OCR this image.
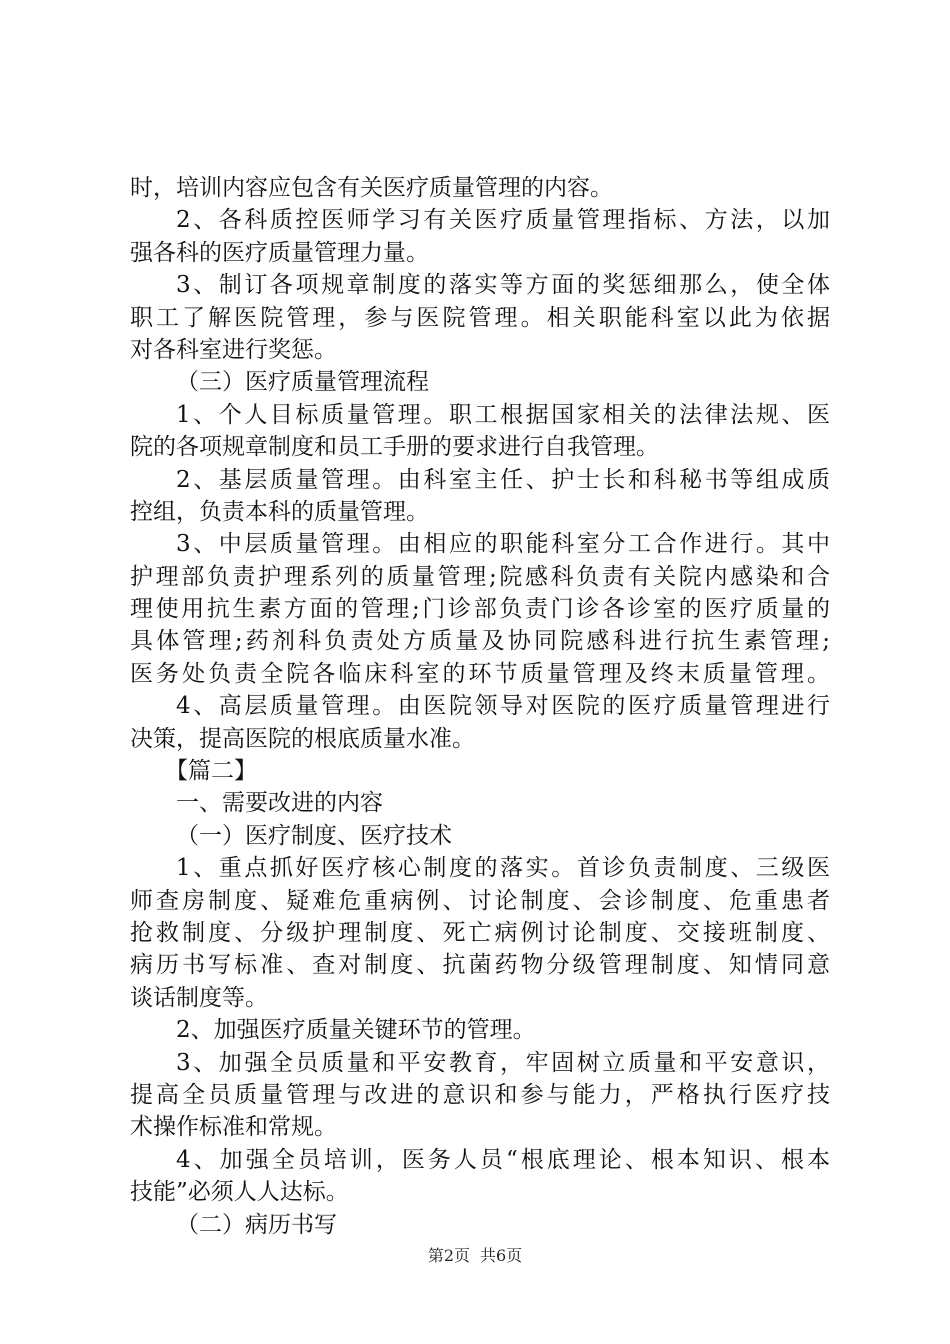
时，培训内容应包含有关医疗质量管理的内容。
2、各科质控医师学习有关医疗质量管理指标、方法，以加
强各科的医疗质量管理力量。
3、制订各项规章制度的落实等方面的奖惩细那么，使全体
职工了解医院管理，参与医院管理。相关职能科室以此为依据
对各科室进行奖惩。
（三）医疗质量管理流程
1、个人目标质量管理。职工根据国家相关的法律法规、医
院的各项规章制度和员工手册的要求进行自我管理。
2、基层质量管理。由科室主任、护士长和科秘书等组成质
控组，负责本科的质量管理。
3、中层质量管理。由相应的职能科室分工合作进行。其中
护理部负责护理系列的质量管理;院感科负责有关院内感染和合
理使用抗生素方面的管理;门诊部负责门诊各诊室的医疗质量的
具体管理;药剂科负责处方质量及协同院感科进行抗生素管理;
医务处负责全院各临床科室的环节质量管理及终末质量管理。
4、高层质量管理。由医院领导对医院的医疗质量管理进行
决策，提高医院的根底质量水准。
【篇二】
一、需要改进的内容
（一）医疗制度、医疗技术
1、重点抓好医疗核心制度的落实。首诊负责制度、三级医
师查房制度、疑难危重病例、讨论制度、会诊制度、危重患者
抢救制度、分级护理制度、死亡病例讨论制度、交接班制度、
病历书写标准、查对制度、抗菌药物分级管理制度、知情同意
谈话制度等。
2、加强医疗质量关键环节的管理。
3、加强全员质量和平安教育，牢固树立质量和平安意识，
提高全员质量管理与改进的意识和参与能力，严格执行医疗技
术操作标准和常规。
4、加强全员培训，医务人员“根底理论、根本知识、根本
技能”必须人人达标。
（二）病历书写
第2页 共6页
